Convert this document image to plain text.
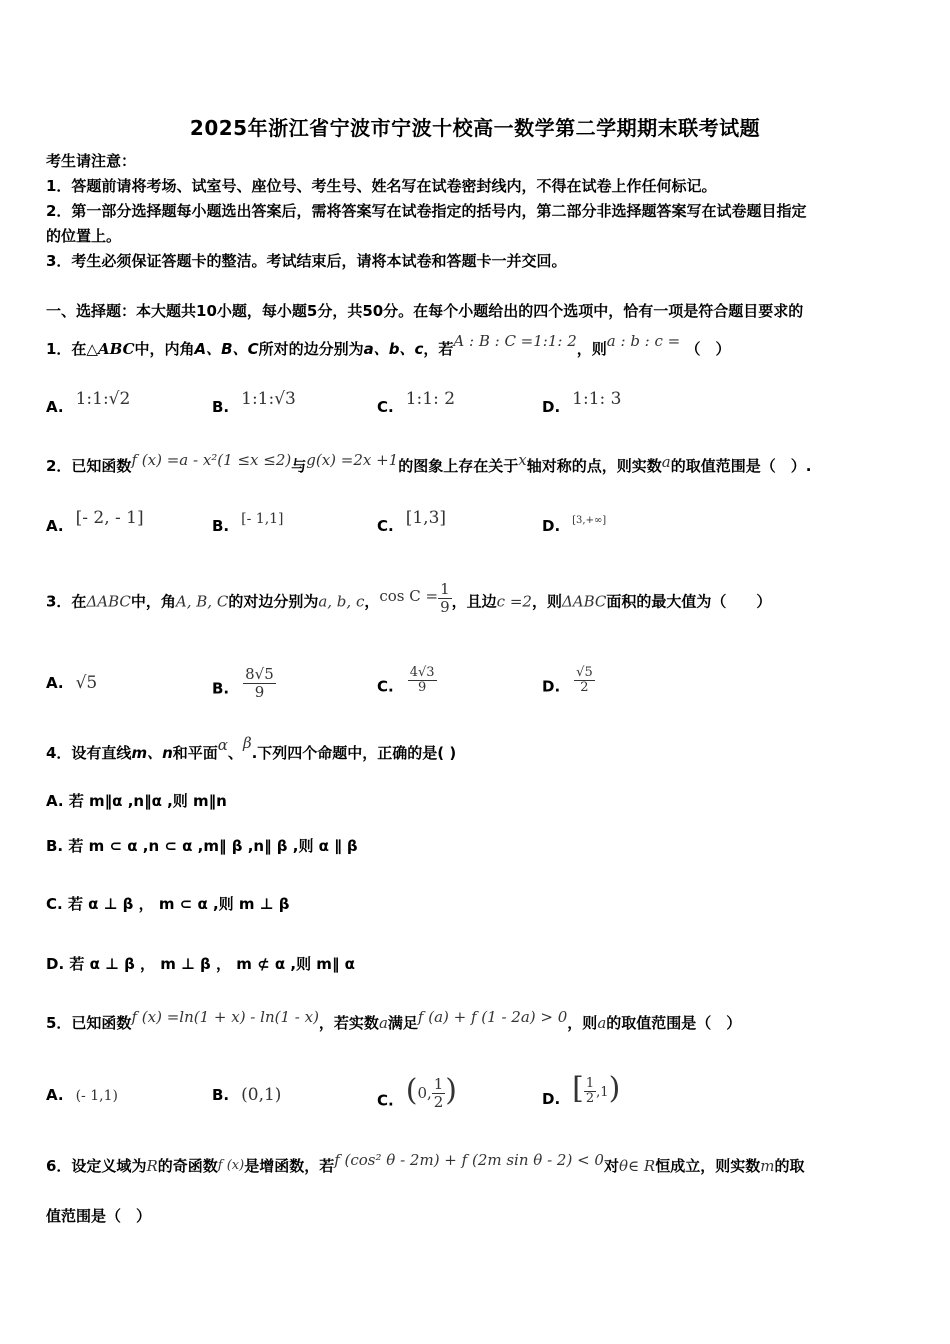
2025年浙江省宁波市宁波十校高一数学第二学期期末联考试题
考生请注意：
1．答题前请将考场、试室号、座位号、考生号、姓名写在试卷密封线内，不得在试卷上作任何标记。
2．第一部分选择题每小题选出答案后，需将答案写在试卷指定的括号内，第二部分非选择题答案写在试卷题目指定
的位置上。
3．考生必须保证答题卡的整洁。考试结束后，请将本试卷和答题卡一并交回。
一、选择题：本大题共10小题，每小题5分，共50分。在每个小题给出的四个选项中，恰有一项是符合题目要求的
1．在△ABC中，内角A、B、C所对的边分别为a、b、c，若A : B : C =1:1: 2，则a : b : c = （　）
A. 1:1:√2	B. 1:1:√3	C. 1:1: 2	D. 1:1: 3
2．已知函数f (x) =a - x²(1 ≤x ≤2)与g(x) =2x +1的图象上存在关于x轴对称的点，则实数a的取值范围是（　）.
A. [- 2, - 1]	B. [- 1,1]	C. [1,3]	D. [3,+∞]
3．在ΔABC中，角A, B, C的对边分别为a, b, c，$\cos C = \frac{1}{9}$ ，且边c =2，则ΔABC面积的最大值为（　　）
A. √5	B. $\frac{8√5}{9}$	C. $\frac{4√3}{9}$	D. $\frac{√5}{2}$
4．设有直线m、n和平面α、β.下列四个命题中，正确的是( )
A. 若 m‖α ,n‖α ,则 m‖n
B. 若 m ⊂ α ,n ⊂ α ,m‖ β ,n‖ β ,则 α ∥ β
C. 若 α ⊥ β ， m ⊂ α ,则 m ⊥ β
D. 若 α ⊥ β ， m ⊥ β ， m ⊄ α ,则 m‖ α
5．已知函数f (x) =ln(1 + x) - ln(1 - x)，若实数a满足f (a) + f (1 - 2a) > 0，则a的取值范围是（　）
A. (- 1,1)	B. (0,1)	C. (0, $\frac{1}{2}$ )	D. [ $\frac{1}{2} ,1$)
6．设定义域为R的奇函数f (x)是增函数，若f (cos² θ - 2m) + f (2m sin θ - 2) < 0对θ∈ R恒成立，则实数m的取
值范围是（　）
